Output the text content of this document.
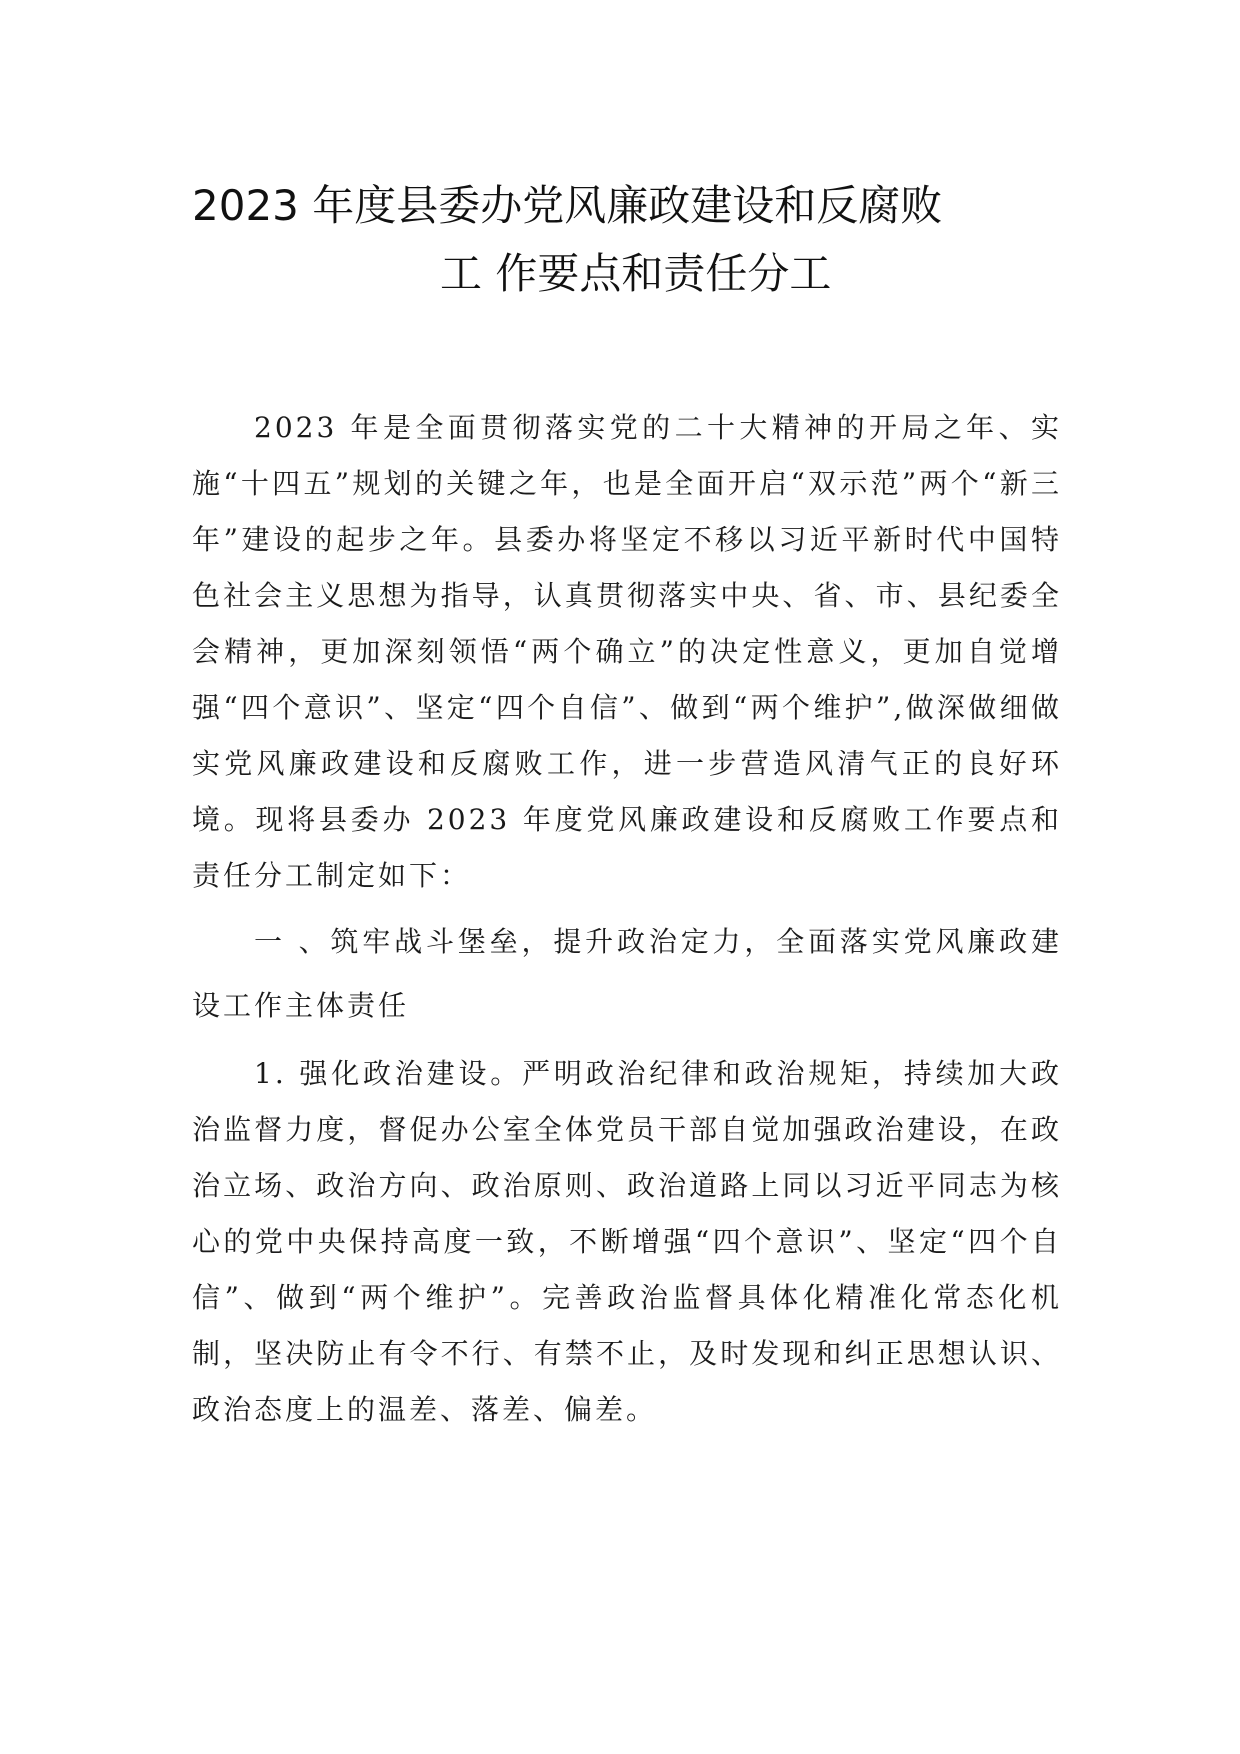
2023 年度县委办党风廉政建设和反腐败
工 作要点和责任分工

2023 年是全面贯彻落实党的二十大精神的开局之年、实施“十四五”规划的关键之年，也是全面开启“双示范”两个“新三年”建设的起步之年。县委办将坚定不移以习近平新时代中国特色社会主义思想为指导，认真贯彻落实中央、省、市、县纪委全会精神，更加深刻领悟“两个确立”的决定性意义，更加自觉增强“四个意识”、坚定“四个自信”、做到“两个维护”,做深做细做实党风廉政建设和反腐败工作，进一步营造风清气正的良好环境。现将县委办 2023 年度党风廉政建设和反腐败工作要点和责任分工制定如下：

一 、筑牢战斗堡垒，提升政治定力，全面落实党风廉政建设工作主体责任

1. 强化政治建设。严明政治纪律和政治规矩，持续加大政治监督力度，督促办公室全体党员干部自觉加强政治建设，在政治立场、政治方向、政治原则、政治道路上同以习近平同志为核心的党中央保持高度一致，不断增强“四个意识”、坚定“四个自信”、做到“两个维护”。完善政治监督具体化精准化常态化机制，坚决防止有令不行、有禁不止，及时发现和纠正思想认识、政治态度上的温差、落差、偏差。
